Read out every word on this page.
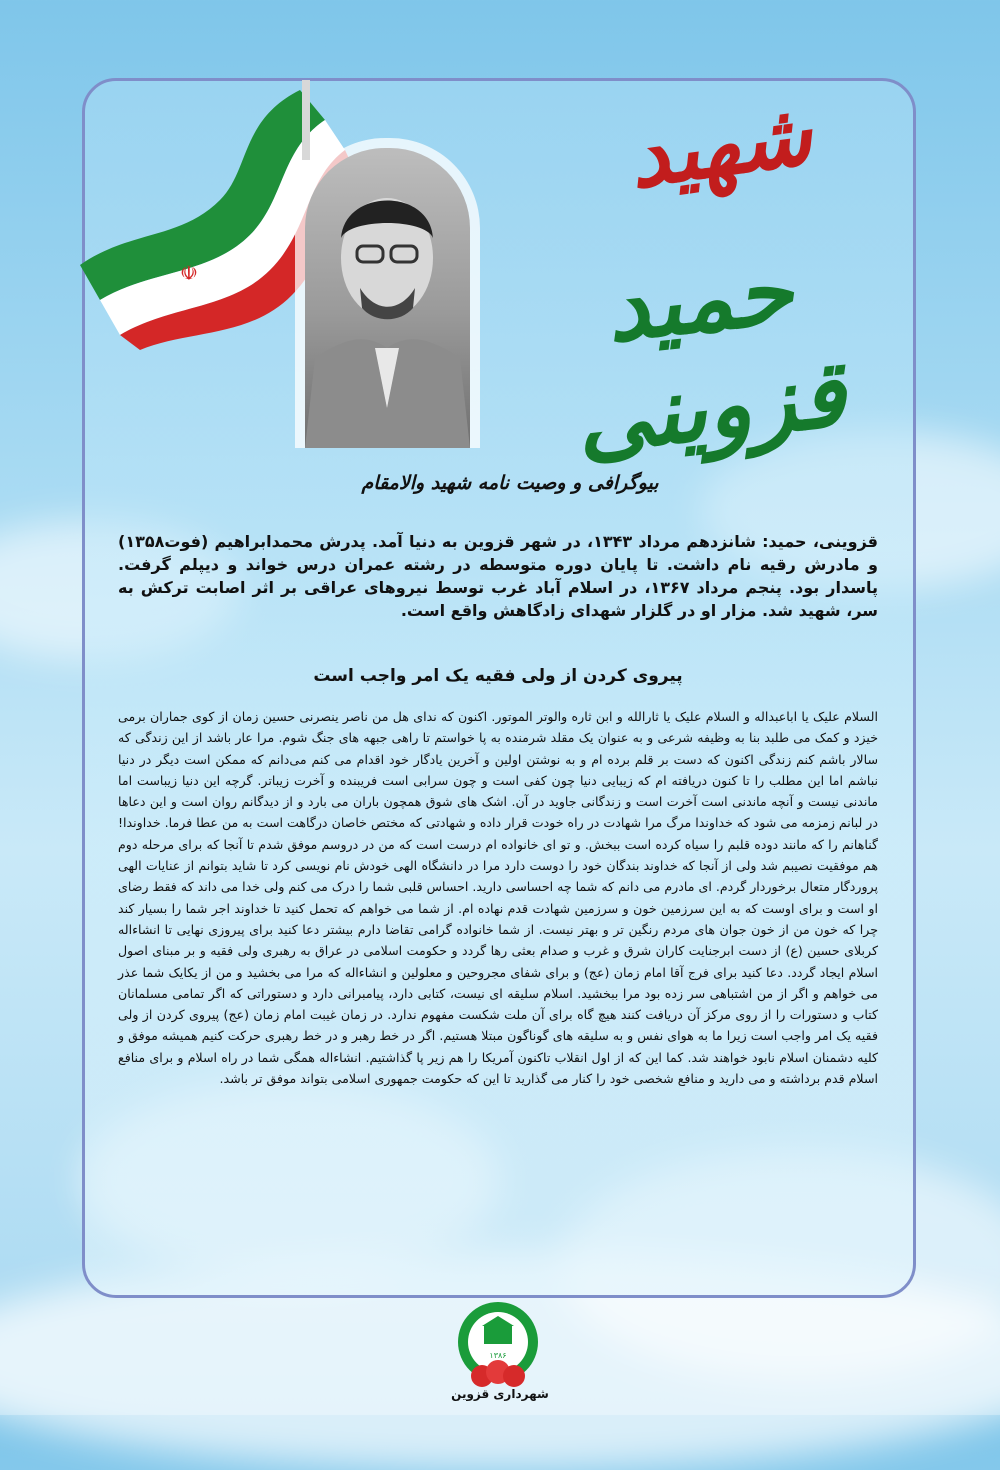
☫
شهید
حمید قزوینی
بیوگرافی و وصیت نامه شهید والامقام
قزوینی، حمید: شانزدهم مرداد ۱۳۴۳، در شهر قزوین به دنیا آمد. پدرش محمدابراهیم (فوت۱۳۵۸) و مادرش رقیه نام داشت. تا پایان دوره متوسطه در رشته عمران درس خواند و دیپلم گرفت. پاسدار بود. پنجم مرداد ۱۳۶۷، در اسلام آباد غرب توسط نیروهای عراقی بر اثر اصابت ترکش به سر، شهید شد. مزار او در گلزار شهدای زادگاهش واقع است.
پیروی کردن از ولی فقیه یک امر واجب است
السلام علیک یا اباعبداله و السلام علیک یا ثارالله و ابن ثاره والوتر الموتور. اکنون که ندای هل من ناصر ینصرنی حسین زمان از کوی جماران برمی خیزد و کمک می طلبد بنا به وظیفه شرعی و به عنوان یک مقلد شرمنده به پا خواستم تا راهی جبهه های جنگ شوم. مرا عار باشد از این زندگی که سالار باشم کنم زندگی اکنون که دست بر قلم برده ام و به نوشتن اولین و آخرین یادگار خود اقدام می کنم می‌دانم که ممکن است دیگر در دنیا نباشم اما این مطلب را تا کنون دریافته ام که زیبایی دنیا چون کفی است و چون سرابی است فریبنده و آخرت زیباتر. گرچه این دنیا زیباست اما ماندنی نیست و آنچه ماندنی است آخرت است و زندگانی جاوید در آن. اشک های شوق همچون باران می بارد و از دیدگانم روان است و این دعاها در لبانم زمزمه می شود که خداوندا مرگ مرا شهادت در راه خودت قرار داده و شهادتی که مختص خاصان درگاهت است به من عطا فرما. خداوندا! گناهانم را که مانند دوده قلبم را سیاه کرده است ببخش. و تو ای خانواده ام درست است که من در دروسم موفق شدم تا آنجا که برای مرحله دوم هم موفقیت نصیبم شد ولی از آنجا که خداوند بندگان خود را دوست دارد مرا در دانشگاه الهی خودش نام نویسی کرد تا شاید بتوانم از عنایات الهی پروردگار متعال برخوردار گردم. ای مادرم می دانم که شما چه احساسی دارید. احساس قلبی شما را درک می کنم ولی خدا می داند که فقط رضای او است و برای اوست که به این سرزمین خون و سرزمین شهادت قدم نهاده ام. از شما می خواهم که تحمل کنید تا خداوند اجر شما را بسیار کند چرا که خون من از خون جوان های مردم رنگین تر و بهتر نیست. از شما خانواده گرامی تقاضا دارم بیشتر دعا کنید برای پیروزی نهایی تا انشاءاله کربلای حسین (ع) از دست ابرجنایت کاران شرق و غرب و صدام بعثی رها گردد و حکومت اسلامی در عراق به رهبری ولی فقیه و بر مبنای اصول اسلام ایجاد گردد. دعا کنید برای فرج آقا امام زمان (عج) و برای شفای مجروحین و معلولین و انشاءاله که مرا می بخشید و من از یکایک شما عذر می خواهم و اگر از من اشتباهی سر زده بود مرا ببخشید. اسلام سلیقه ای نیست، کتابی دارد، پیامبرانی دارد و دستوراتی که اگر تمامی مسلمانان کتاب و دستورات را از روی مرکز آن دریافت کنند هیچ گاه برای آن ملت شکست مفهوم ندارد. در زمان غیبت امام زمان (عج) پیروی کردن از ولی فقیه یک امر واجب است زیرا ما به هوای نفس و به سلیقه های گوناگون مبتلا هستیم. اگر در خط رهبر و در خط رهبری حرکت کنیم همیشه موفق و کلیه دشمنان اسلام نابود خواهند شد. کما این که از اول انقلاب تاکنون آمریکا را هم زیر پا گذاشتیم. انشاءاله همگی شما در راه اسلام و برای منافع اسلام قدم برداشته و می دارید و منافع شخصی خود را کنار می گذارید تا این که حکومت جمهوری اسلامی بتواند موفق تر باشد.
۱۳۸۶
شهرداری قزوین
